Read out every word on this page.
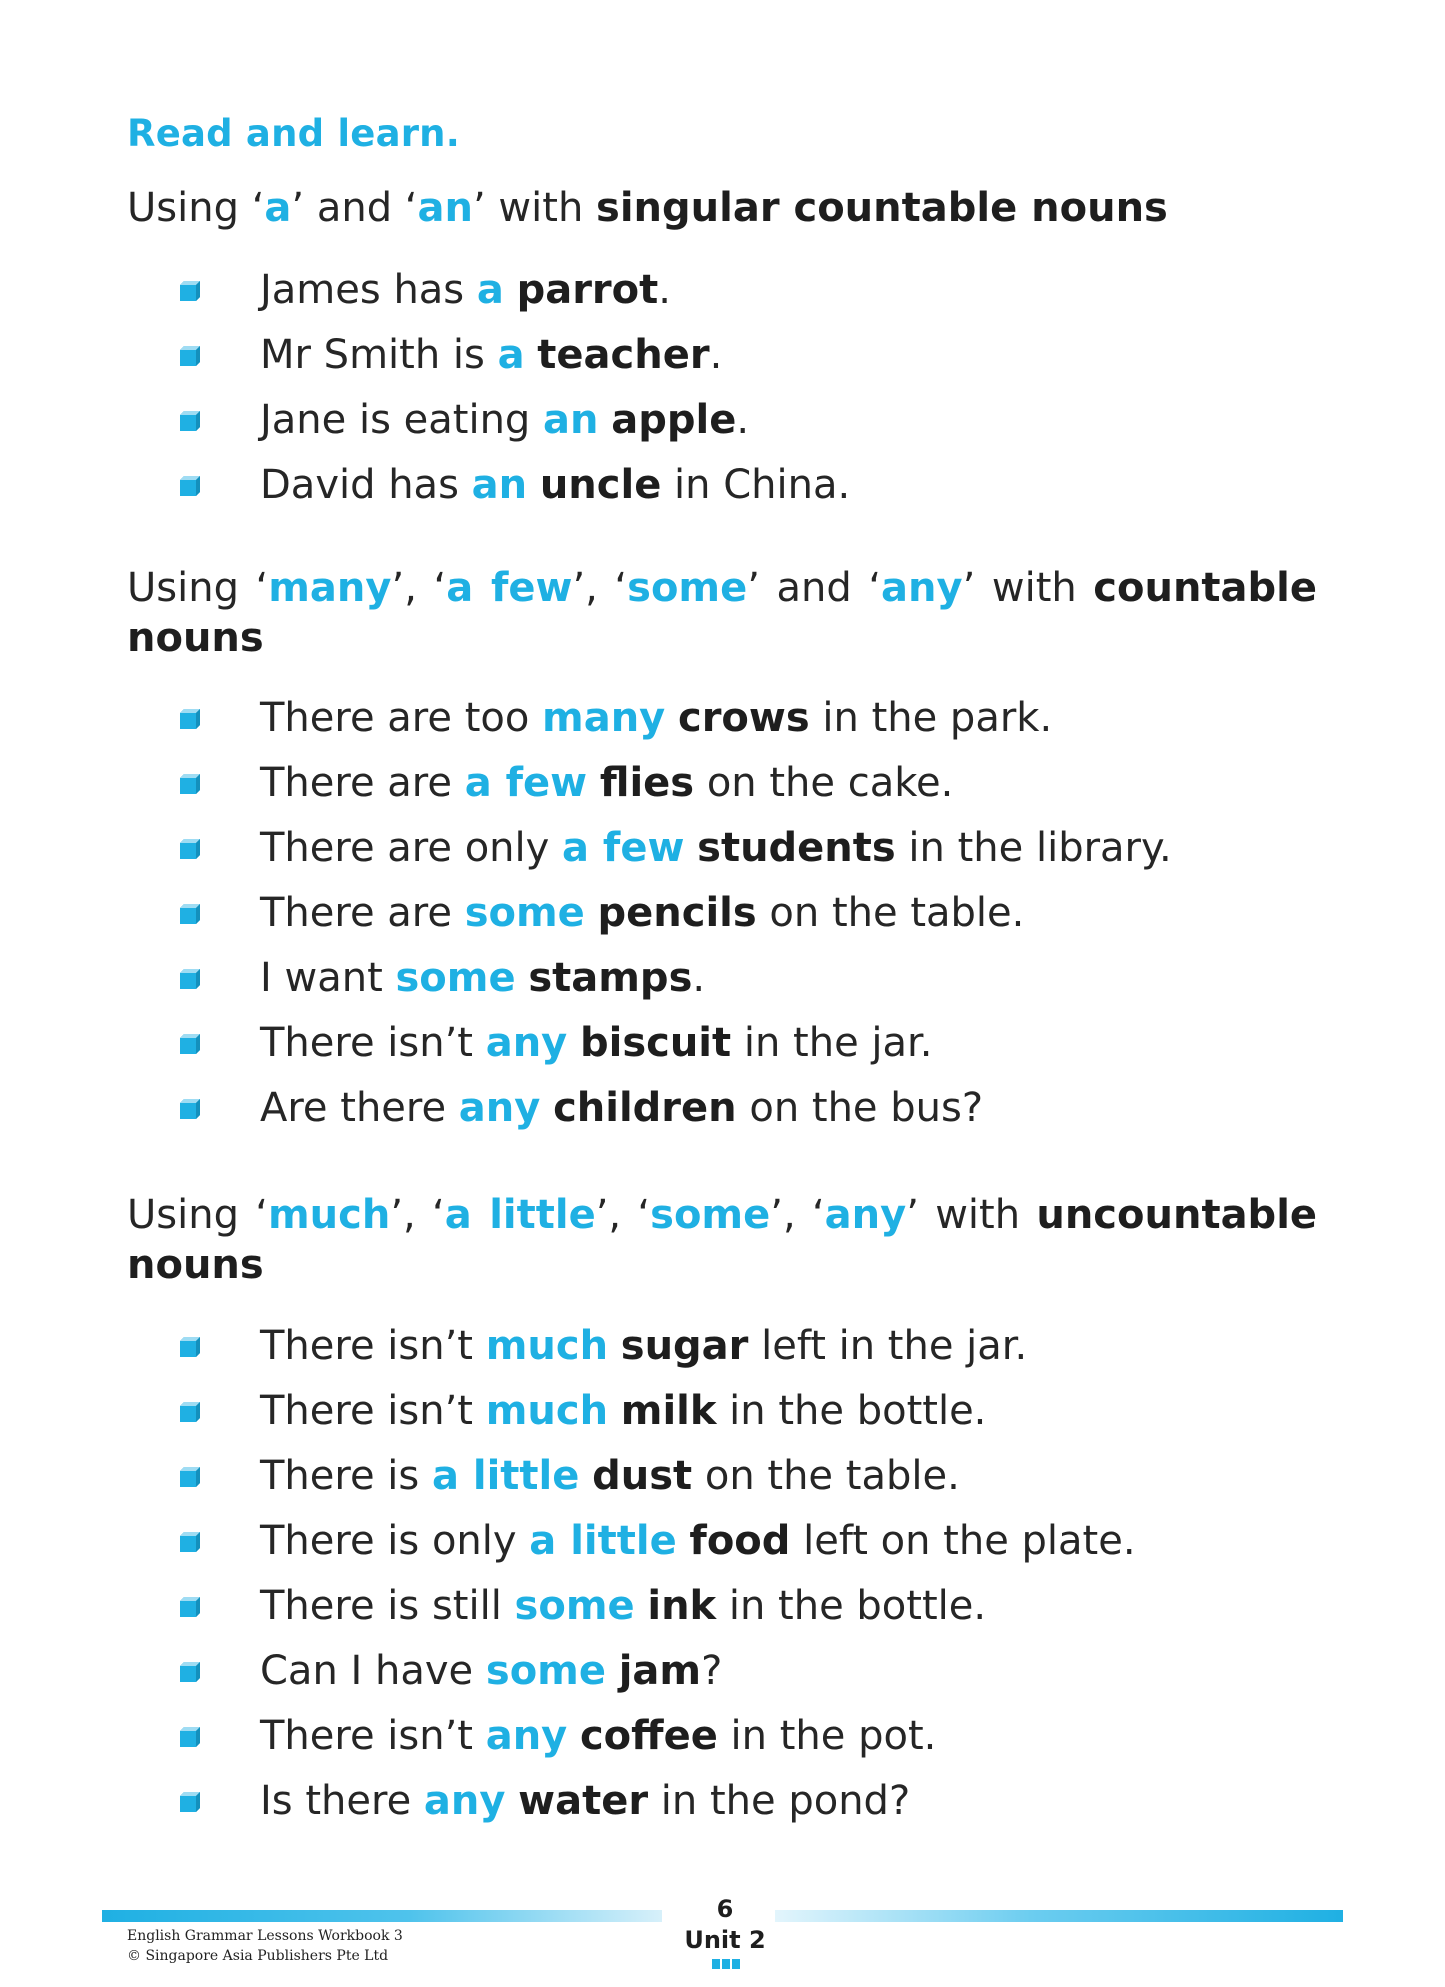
Read and learn.
Using ‘a’ and ‘an’ with singular countable nouns
James has a parrot.
Mr Smith is a teacher.
Jane is eating an apple.
David has an uncle in China.
Using ‘many’, ‘a few’, ‘some’ and ‘any’ with countable nouns
There are too many crows in the park.
There are a few flies on the cake.
There are only a few students in the library.
There are some pencils on the table.
I want some stamps.
There isn’t any biscuit in the jar.
Are there any children on the bus?
Using ‘much’, ‘a little’, ‘some’, ‘any’ with uncountable nouns
There isn’t much sugar left in the jar.
There isn’t much milk in the bottle.
There is a little dust on the table.
There is only a little food left on the plate.
There is still some ink in the bottle.
Can I have some jam?
There isn’t any coffee in the pot.
Is there any water in the pond?
6
Unit 2
English Grammar Lessons Workbook 3
© Singapore Asia Publishers Pte Ltd
